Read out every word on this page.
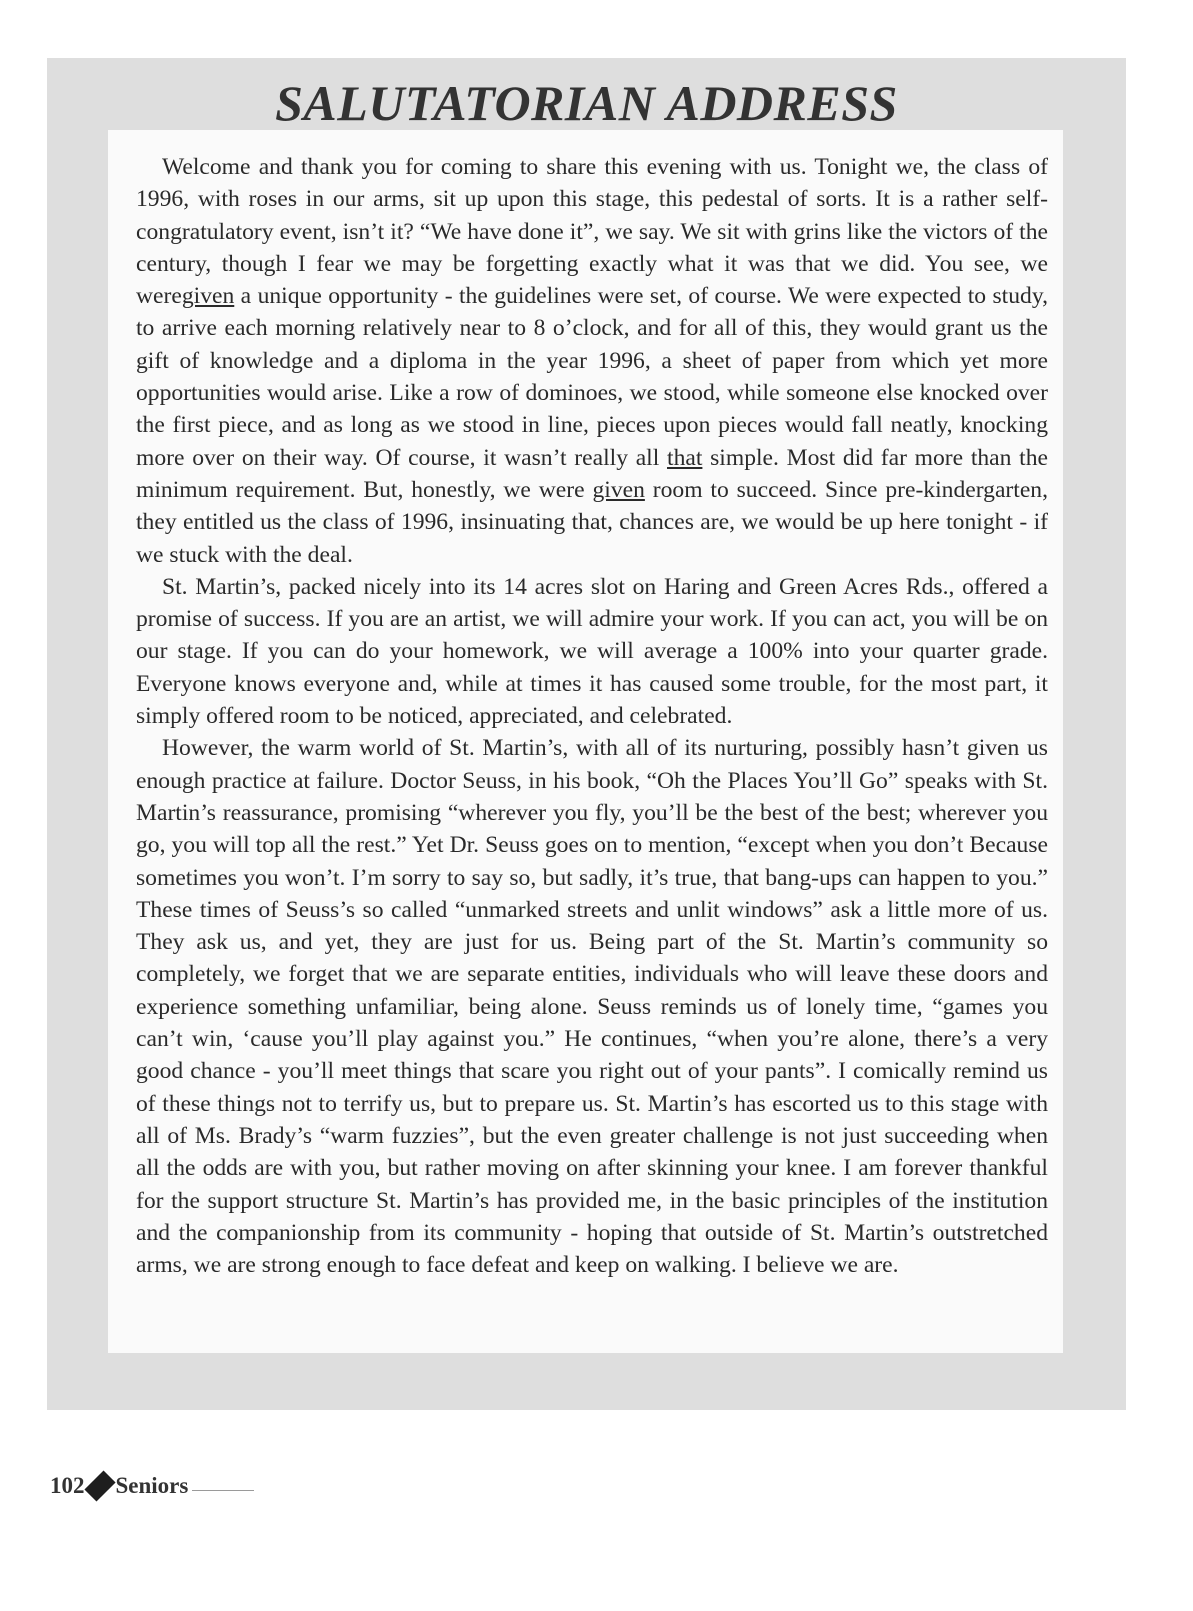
SALUTATORIAN ADDRESS

Welcome and thank you for coming to share this evening with us. Tonight we, the class of 1996, with roses in our arms, sit up upon this stage, this pedestal of sorts. It is a rather self-congratulatory event, isn’t it? “We have done it”, we say. We sit with grins like the victors of the century, though I fear we may be forgetting exactly what it was that we did. You see, we weregiven a unique opportunity - the guidelines were set, of course. We were expected to study, to arrive each morning relatively near to 8 o’clock, and for all of this, they would grant us the gift of knowledge and a diploma in the year 1996, a sheet of paper from which yet more opportunities would arise. Like a row of dominoes, we stood, while someone else knocked over the first piece, and as long as we stood in line, pieces upon pieces would fall neatly, knocking more over on their way. Of course, it wasn’t really all that simple. Most did far more than the minimum requirement. But, honestly, we were given room to succeed. Since pre-kindergarten, they entitled us the class of 1996, insinuating that, chances are, we would be up here tonight - if we stuck with the deal.

St. Martin’s, packed nicely into its 14 acres slot on Haring and Green Acres Rds., offered a promise of success. If you are an artist, we will admire your work. If you can act, you will be on our stage. If you can do your homework, we will average a 100% into your quarter grade. Everyone knows everyone and, while at times it has caused some trouble, for the most part, it simply offered room to be noticed, appreciated, and celebrated.

However, the warm world of St. Martin’s, with all of its nurturing, possibly hasn’t given us enough practice at failure. Doctor Seuss, in his book, “Oh the Places You’ll Go” speaks with St. Martin’s reassurance, promising “wherever you fly, you’ll be the best of the best; wherever you go, you will top all the rest.” Yet Dr. Seuss goes on to mention, “except when you don’t Because sometimes you won’t. I’m sorry to say so, but sadly, it’s true, that bang-ups can happen to you.” These times of Seuss’s so called “unmarked streets and unlit windows” ask a little more of us. They ask us, and yet, they are just for us. Being part of the St. Martin’s community so completely, we forget that we are separate entities, individuals who will leave these doors and experience something unfamiliar, being alone. Seuss reminds us of lonely time, “games you can’t win, ‘cause you’ll play against you.” He continues, “when you’re alone, there’s a very good chance - you’ll meet things that scare you right out of your pants”. I comically remind us of these things not to terrify us, but to prepare us. St. Martin’s has escorted us to this stage with all of Ms. Brady’s “warm fuzzies”, but the even greater challenge is not just succeeding when all the odds are with you, but rather moving on after skinning your knee. I am forever thankful for the support structure St. Martin’s has provided me, in the basic principles of the institution and the companionship from its community - hoping that outside of St. Martin’s outstretched arms, we are strong enough to face defeat and keep on walking. I believe we are.

102 Seniors
